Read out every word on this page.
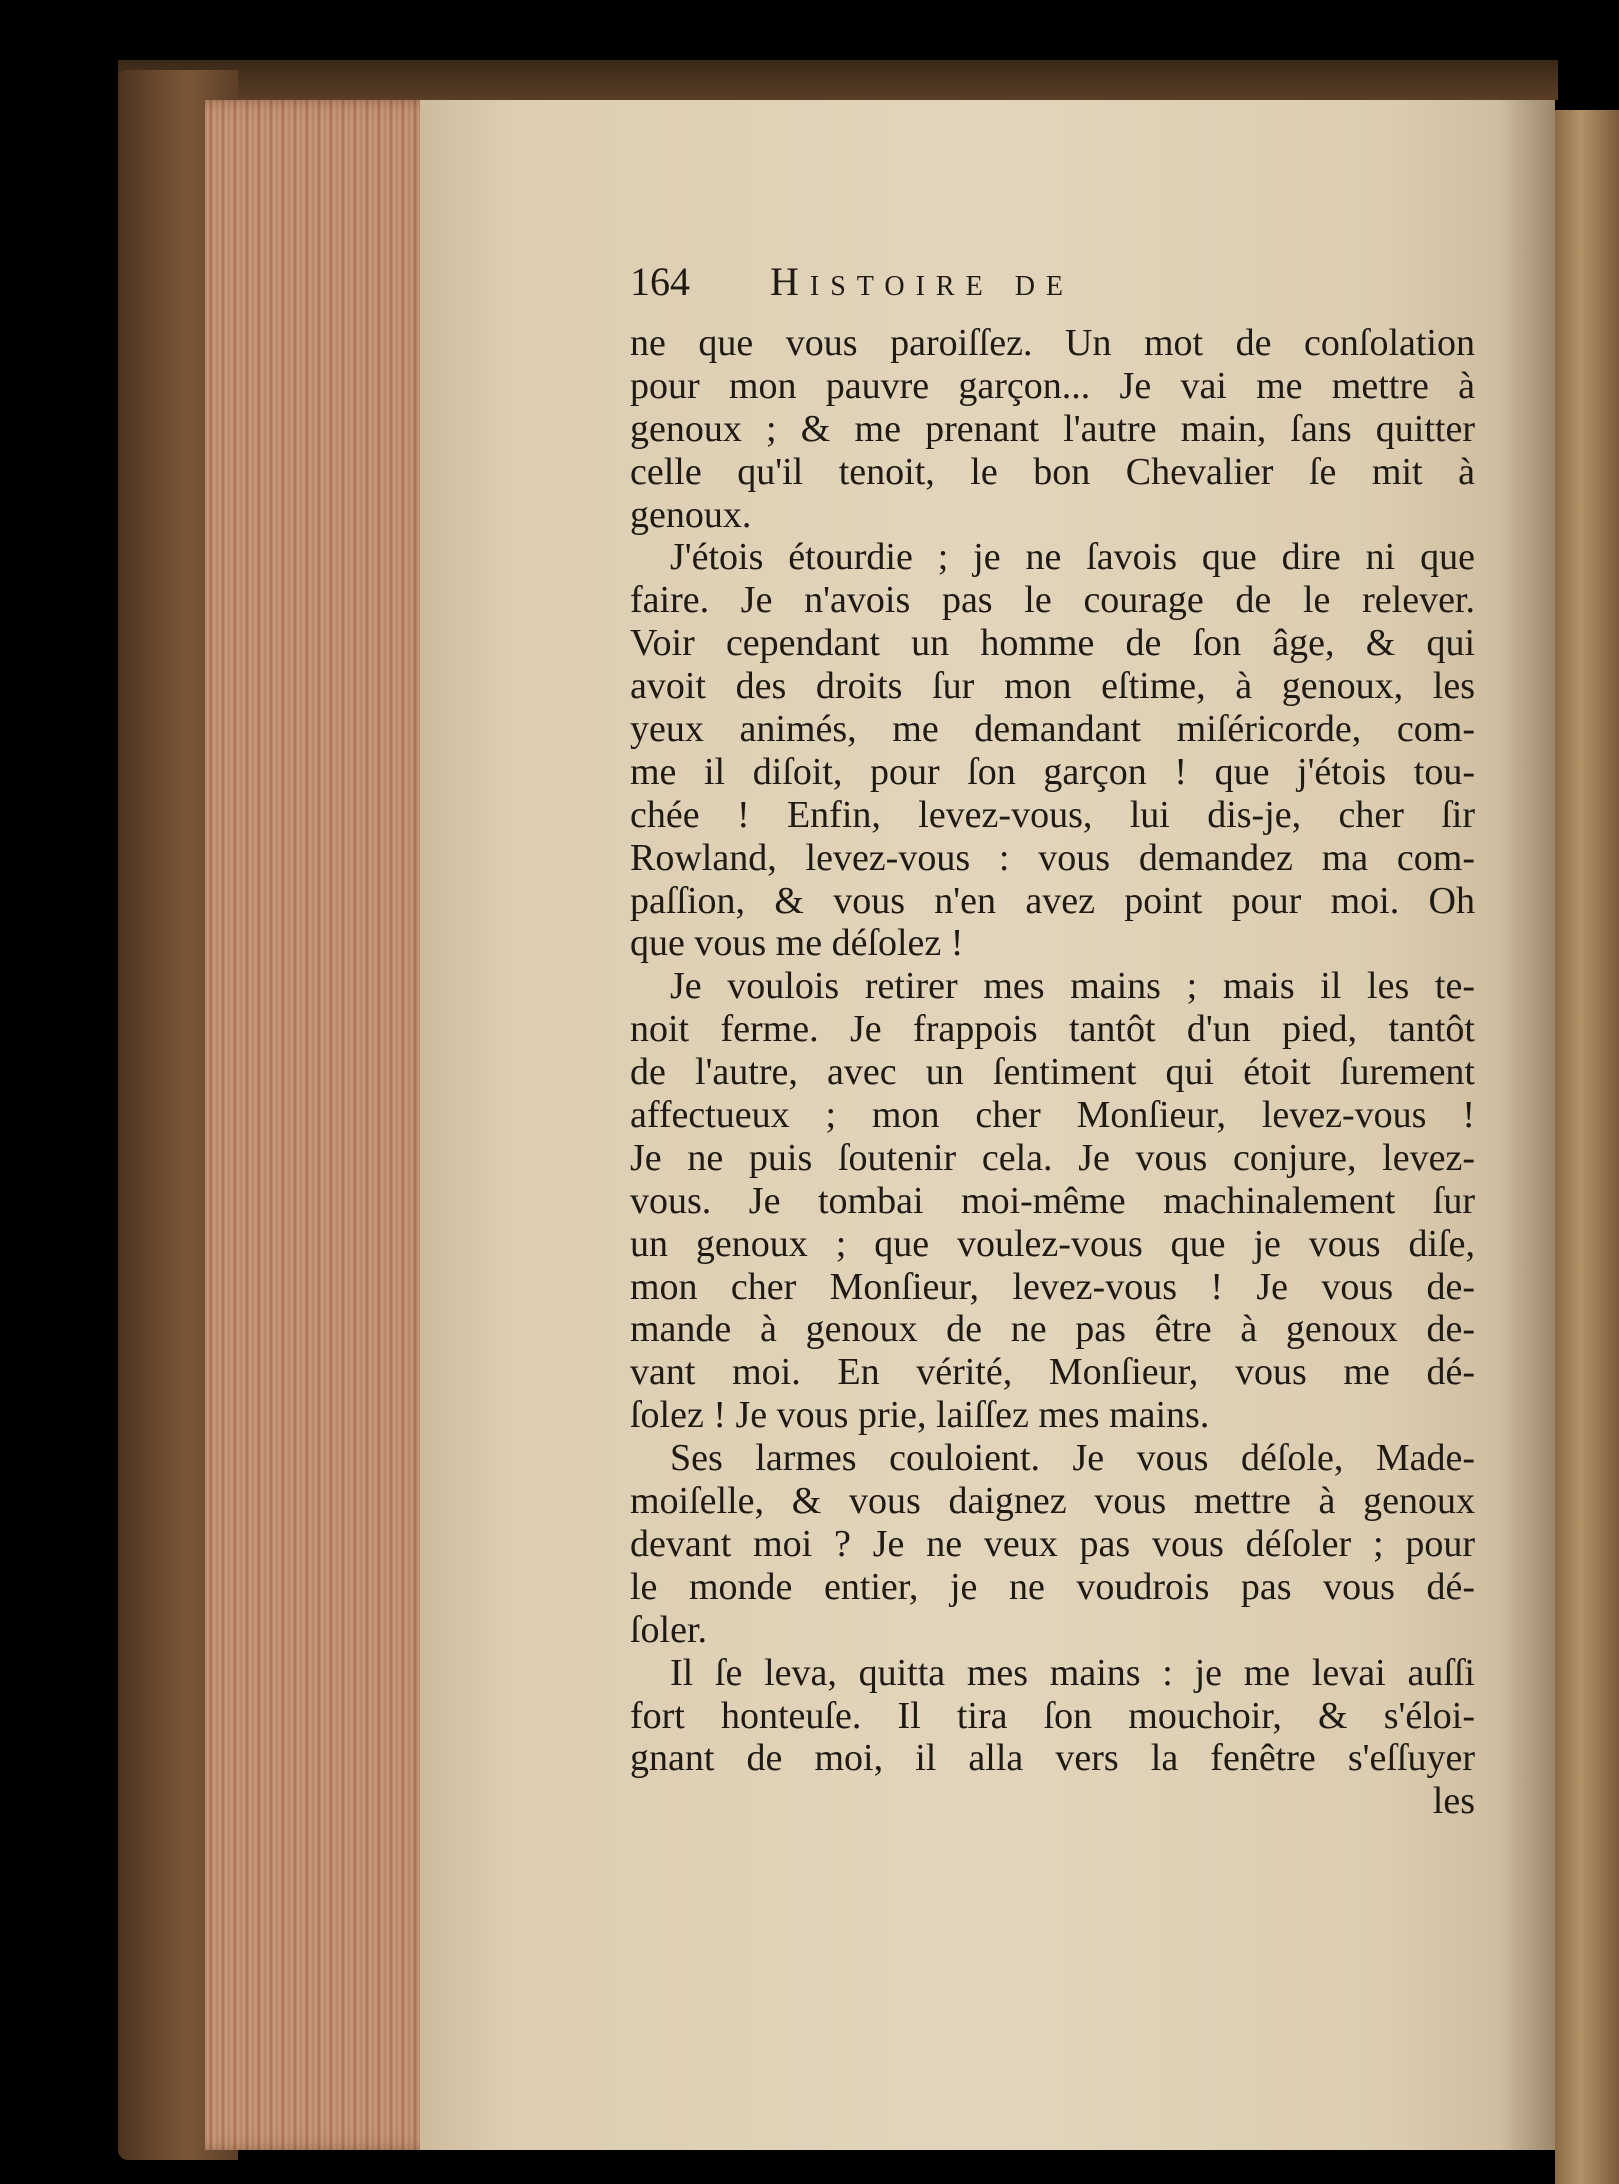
164	Histoire de
ne que vous paroiſſez. Un mot de conſolation
pour mon pauvre garçon... Je vai me mettre à
genoux ; & me prenant l'autre main, ſans quitter
celle qu'il tenoit, le bon Chevalier ſe mit à
genoux.
J'étois étourdie ; je ne ſavois que dire ni que
faire. Je n'avois pas le courage de le relever.
Voir cependant un homme de ſon âge, & qui
avoit des droits ſur mon eſtime, à genoux, les
yeux animés, me demandant miſéricorde, com-
me il diſoit, pour ſon garçon ! que j'étois tou-
chée ! Enfin, levez-vous, lui dis-je, cher ſir
Rowland, levez-vous : vous demandez ma com-
paſſion, & vous n'en avez point pour moi. Oh
que vous me déſolez !
Je voulois retirer mes mains ; mais il les te-
noit ferme. Je frappois tantôt d'un pied, tantôt
de l'autre, avec un ſentiment qui étoit ſurement
affectueux ; mon cher Monſieur, levez-vous !
Je ne puis ſoutenir cela. Je vous conjure, levez-
vous. Je tombai moi-même machinalement ſur
un genoux ; que voulez-vous que je vous diſe,
mon cher Monſieur, levez-vous ! Je vous de-
mande à genoux de ne pas être à genoux de-
vant moi. En vérité, Monſieur, vous me dé-
ſolez ! Je vous prie, laiſſez mes mains.
Ses larmes couloient. Je vous déſole, Made-
moiſelle, & vous daignez vous mettre à genoux
devant moi ? Je ne veux pas vous déſoler ; pour
le monde entier, je ne voudrois pas vous dé-
ſoler.
Il ſe leva, quitta mes mains : je me levai auſſi
fort honteuſe. Il tira ſon mouchoir, & s'éloi-
gnant de moi, il alla vers la fenêtre s'eſſuyer
les
